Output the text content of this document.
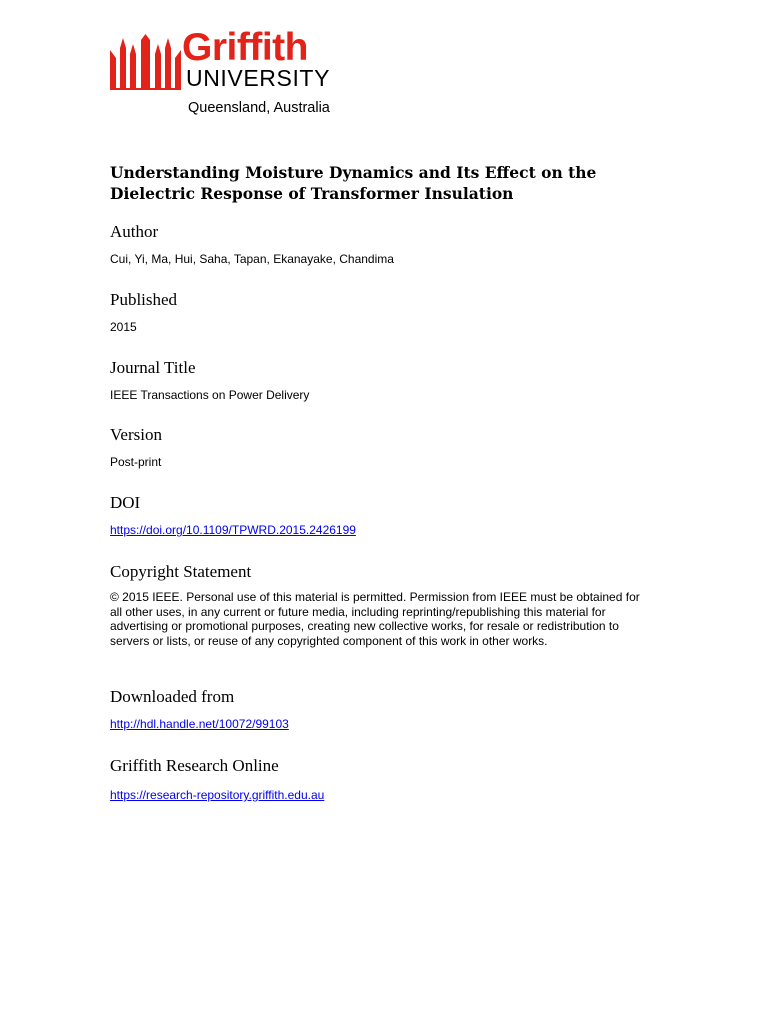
Griffith
UNIVERSITY
Queensland, Australia
Understanding Moisture Dynamics and Its Effect on the Dielectric Response of Transformer Insulation
Author

Cui, Yi, Ma, Hui, Saha, Tapan, Ekanayake, Chandima

Published

2015

Journal Title

IEEE Transactions on Power Delivery

Version

Post-print

DOI
https://doi.org/10.1109/TPWRD.2015.2426199
Copyright Statement

© 2015 IEEE. Personal use of this material is permitted. Permission from IEEE must be obtained for all other uses, in any current or future media, including reprinting/republishing this material for advertising or promotional purposes, creating new collective works, for resale or redistribution to servers or lists, or reuse of any copyrighted component of this work in other works.

Downloaded from
http://hdl.handle.net/10072/99103
Griffith Research Online
https://research-repository.griffith.edu.au
